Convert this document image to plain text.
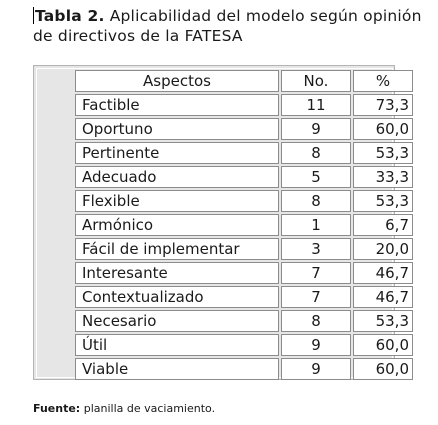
Tabla 2. Aplicabilidad del modelo según opinión de directivos de la FATESA
Aspectos	No.	%
Factible	11	73,3
Oportuno	9	60,0
Pertinente	8	53,3
Adecuado	5	33,3
Flexible	8	53,3
Armónico	1	6,7
Fácil de implementar	3	20,0
Interesante	7	46,7
Contextualizado	7	46,7
Necesario	8	53,3
Útil	9	60,0
Viable	9	60,0
Fuente: planilla de vaciamiento.
